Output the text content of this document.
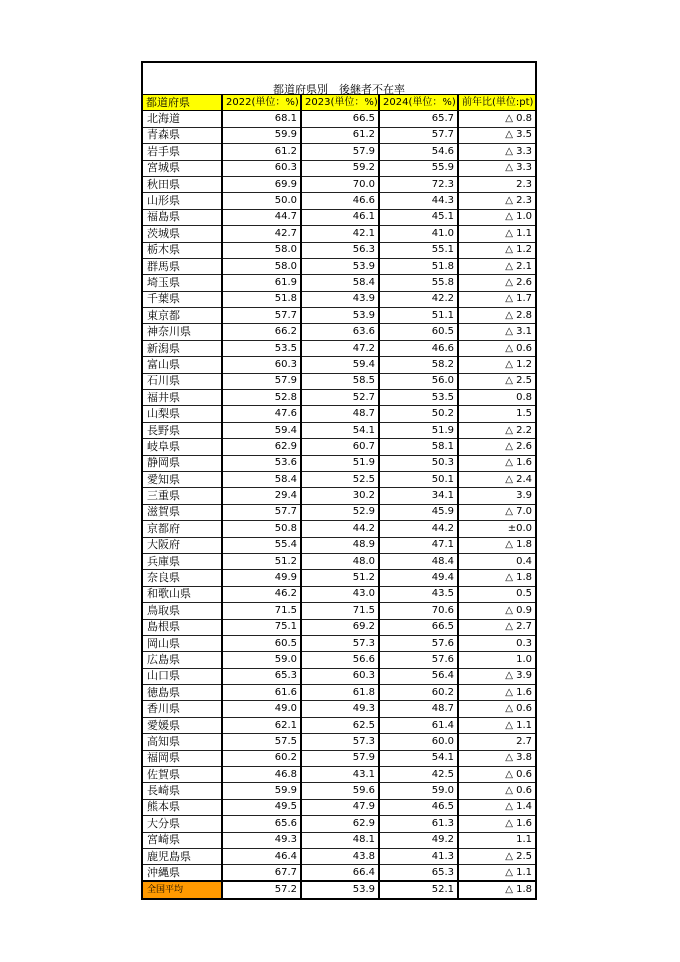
都道府県別　後継者不在率
都道府県	2022(単位：%)	2023(単位：%)	2024(単位：%)	前年比(単位:pt)
北海道	68.1	66.5	65.7	△ 0.8
青森県	59.9	61.2	57.7	△ 3.5
岩手県	61.2	57.9	54.6	△ 3.3
宮城県	60.3	59.2	55.9	△ 3.3
秋田県	69.9	70.0	72.3	2.3
山形県	50.0	46.6	44.3	△ 2.3
福島県	44.7	46.1	45.1	△ 1.0
茨城県	42.7	42.1	41.0	△ 1.1
栃木県	58.0	56.3	55.1	△ 1.2
群馬県	58.0	53.9	51.8	△ 2.1
埼玉県	61.9	58.4	55.8	△ 2.6
千葉県	51.8	43.9	42.2	△ 1.7
東京都	57.7	53.9	51.1	△ 2.8
神奈川県	66.2	63.6	60.5	△ 3.1
新潟県	53.5	47.2	46.6	△ 0.6
富山県	60.3	59.4	58.2	△ 1.2
石川県	57.9	58.5	56.0	△ 2.5
福井県	52.8	52.7	53.5	0.8
山梨県	47.6	48.7	50.2	1.5
長野県	59.4	54.1	51.9	△ 2.2
岐阜県	62.9	60.7	58.1	△ 2.6
静岡県	53.6	51.9	50.3	△ 1.6
愛知県	58.4	52.5	50.1	△ 2.4
三重県	29.4	30.2	34.1	3.9
滋賀県	57.7	52.9	45.9	△ 7.0
京都府	50.8	44.2	44.2	±0.0
大阪府	55.4	48.9	47.1	△ 1.8
兵庫県	51.2	48.0	48.4	0.4
奈良県	49.9	51.2	49.4	△ 1.8
和歌山県	46.2	43.0	43.5	0.5
鳥取県	71.5	71.5	70.6	△ 0.9
島根県	75.1	69.2	66.5	△ 2.7
岡山県	60.5	57.3	57.6	0.3
広島県	59.0	56.6	57.6	1.0
山口県	65.3	60.3	56.4	△ 3.9
徳島県	61.6	61.8	60.2	△ 1.6
香川県	49.0	49.3	48.7	△ 0.6
愛媛県	62.1	62.5	61.4	△ 1.1
高知県	57.5	57.3	60.0	2.7
福岡県	60.2	57.9	54.1	△ 3.8
佐賀県	46.8	43.1	42.5	△ 0.6
長崎県	59.9	59.6	59.0	△ 0.6
熊本県	49.5	47.9	46.5	△ 1.4
大分県	65.6	62.9	61.3	△ 1.6
宮崎県	49.3	48.1	49.2	1.1
鹿児島県	46.4	43.8	41.3	△ 2.5
沖縄県	67.7	66.4	65.3	△ 1.1
全国平均	57.2	53.9	52.1	△ 1.8
